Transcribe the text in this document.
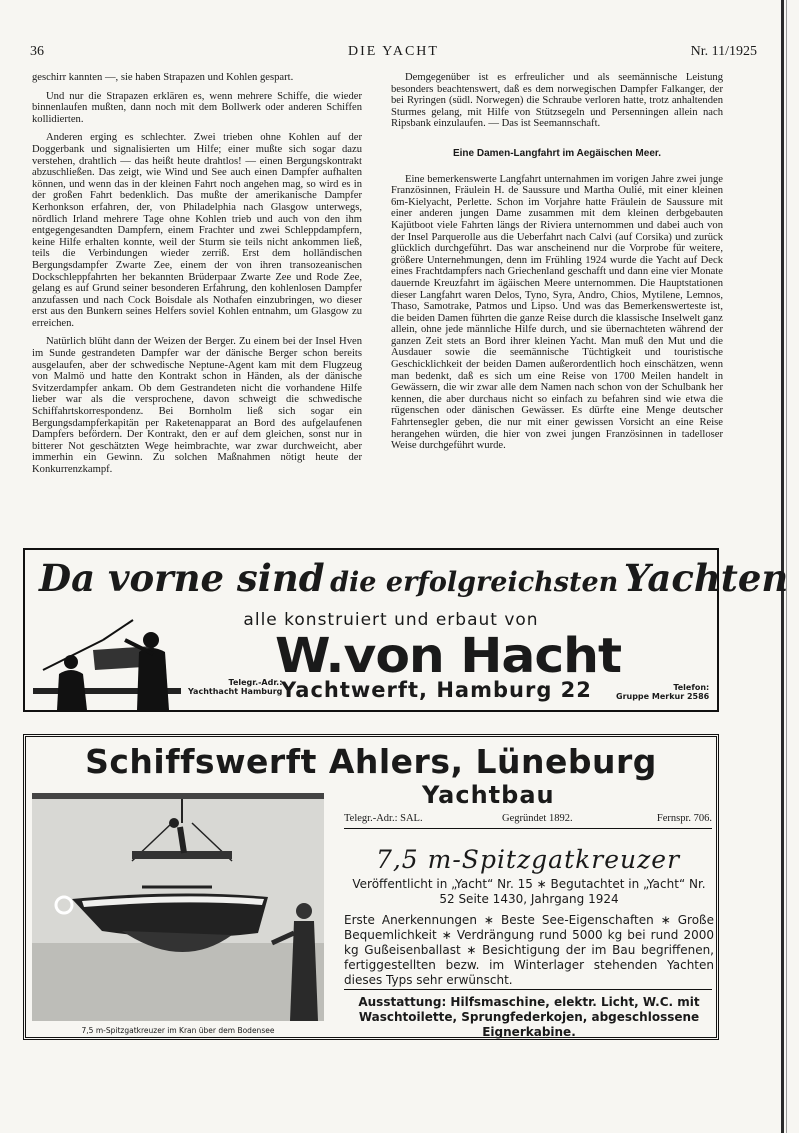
36	DIE YACHT	Nr. 11/1925

geschirr kannten —, sie haben Strapazen und Kohlen gespart.

Und nur die Strapazen erklären es, wenn mehrere Schiffe, die wieder binnenlaufen mußten, dann noch mit dem Bollwerk oder anderen Schiffen kollidierten.

Anderen erging es schlechter. Zwei trieben ohne Kohlen auf der Doggerbank und signalisierten um Hilfe; einer mußte sich sogar dazu verstehen, drahtlich — das heißt heute drahtlos! — einen Bergungskontrakt abzuschließen. Das zeigt, wie Wind und See auch einen Dampfer aufhalten können, und wenn das in der kleinen Fahrt noch angehen mag, so wird es in der großen Fahrt bedenklich. Das mußte der amerikanische Dampfer Kerhonkson erfahren, der, von Philadelphia nach Glasgow unterwegs, nördlich Irland mehrere Tage ohne Kohlen trieb und auch von den ihm entgegengesandten Dampfern, einem Frachter und zwei Schleppdampfern, keine Hilfe erhalten konnte, weil der Sturm sie teils nicht ankommen ließ, teils die Verbindungen wieder zerriß. Erst dem holländischen Bergungsdampfer Zwarte Zee, einem der von ihren transozeanischen Dockschleppfahrten her bekannten Brüderpaar Zwarte Zee und Rode Zee, gelang es auf Grund seiner besonderen Erfahrung, den kohlenlosen Dampfer anzufassen und nach Cock Boisdale als Nothafen einzubringen, wo dieser erst aus den Bunkern seines Helfers soviel Kohlen entnahm, um Glasgow zu erreichen.

Natürlich blüht dann der Weizen der Berger. Zu einem bei der Insel Hven im Sunde gestrandeten Dampfer war der dänische Berger schon bereits ausgelaufen, aber der schwedische Neptune-Agent kam mit dem Flugzeug von Malmö und hatte den Kontrakt schon in Händen, als der dänische Svitzerdampfer ankam. Ob dem Gestrandeten nicht die vorhandene Hilfe lieber war als die versprochene, davon schweigt die schwedische Schiffahrtskorrespondenz. Bei Bornholm ließ sich sogar ein Bergungsdampferkapitän per Raketenapparat an Bord des aufgelaufenen Dampfers befördern. Der Kontrakt, den er auf dem gleichen, sonst nur in bitterer Not geschätzten Wege heimbrachte, war zwar durchweicht, aber immerhin ein Gewinn. Zu solchen Maßnahmen nötigt heute der Konkurrenzkampf.

Demgegenüber ist es erfreulicher und als seemännische Leistung besonders beachtenswert, daß es dem norwegischen Dampfer Falkanger, der bei Ryringen (südl. Norwegen) die Schraube verloren hatte, trotz anhaltenden Sturmes gelang, mit Hilfe von Stützsegeln und Persenningen allein nach Ripsbank einzulaufen. — Das ist Seemannschaft.

Eine Damen-Langfahrt im Aegäischen Meer.

Eine bemerkenswerte Langfahrt unternahmen im vorigen Jahre zwei junge Französinnen, Fräulein H. de Saussure und Martha Oulié, mit einer kleinen 6m-Kielyacht, Perlette. Schon im Vorjahre hatte Fräulein de Saussure mit einer anderen jungen Dame zusammen mit dem kleinen derbgebauten Kajütboot viele Fahrten längs der Riviera unternommen und dabei auch von der Insel Parquerolle aus die Ueberfahrt nach Calvi (auf Corsika) und zurück glücklich durchgeführt. Das war anscheinend nur die Vorprobe für weitere, größere Unternehmungen, denn im Frühling 1924 wurde die Yacht auf Deck eines Frachtdampfers nach Griechenland geschafft und dann eine vier Monate dauernde Kreuzfahrt im ägäischen Meere unternommen. Die Hauptstationen dieser Langfahrt waren Delos, Tyno, Syra, Andro, Chios, Mytilene, Lemnos, Thaso, Samotrake, Patmos und Lipso. Und was das Bemerkenswerteste ist, die beiden Damen führten die ganze Reise durch die klassische Inselwelt ganz allein, ohne jede männliche Hilfe durch, und sie übernachteten während der ganzen Zeit stets an Bord ihrer kleinen Yacht. Man muß den Mut und die Ausdauer sowie die seemännische Tüchtigkeit und touristische Geschicklichkeit der beiden Damen außerordentlich hoch einschätzen, wenn man bedenkt, daß es sich um eine Reise von 1700 Meilen handelt in Gewässern, die wir zwar alle dem Namen nach schon von der Schulbank her kennen, die aber durchaus nicht so einfach zu befahren sind wie etwa die rügenschen oder dänischen Gewässer. Es dürfte eine Menge deutscher Fahrtensegler geben, die nur mit einer gewissen Vorsicht an eine Reise herangehen würden, die hier von zwei jungen Französinnen in tadelloser Weise durchgeführt wurde.

Da vorne sind die erfolgreichsten Yachten
alle konstruiert und erbaut von
W.von Hacht
Telegr.-Adr.:
Yachthacht Hamburg
Yachtwerft, Hamburg 22	Telefon:
Gruppe Merkur 2586
Schiffswerft Ahlers, Lüneburg
Yachtbau
7,5 m-Spitzgatkreuzer im Kran über dem Bodensee
Telegr.-Adr.: SAL.	Gegründet 1892.	Fernspr. 706.
7,5 m-Spitzgatkreuzer
Veröffentlicht in „Yacht“ Nr. 15 ∗ Begutachtet in „Yacht“ Nr. 52 Seite 1430, Jahrgang 1924
Erste Anerkennungen ∗ Beste See-Eigenschaften ∗ Große Bequemlichkeit ∗ Verdrängung rund 5000 kg bei rund 2000 kg Gußeisenballast ∗ Besichtigung der im Bau begriffenen, fertiggestellten bezw. im Winterlager stehenden Yachten dieses Typs sehr erwünscht.
Ausstattung: Hilfsmaschine, elektr. Licht, W.C. mit Waschtoilette, Sprungfederkojen, abgeschlossene Eignerkabine.
